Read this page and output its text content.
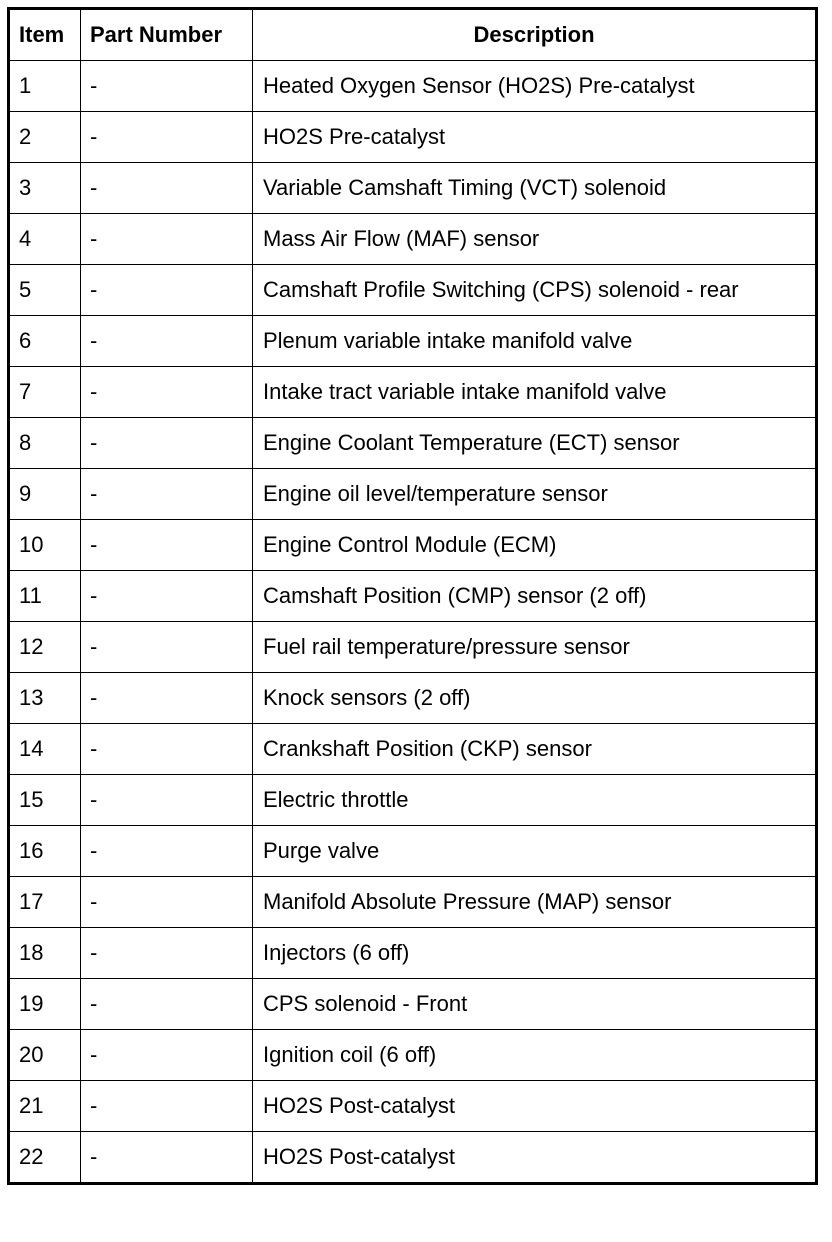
Item	Part Number	Description
1	-	Heated Oxygen Sensor (HO2S) Pre-catalyst
2	-	HO2S Pre-catalyst
3	-	Variable Camshaft Timing (VCT) solenoid
4	-	Mass Air Flow (MAF) sensor
5	-	Camshaft Profile Switching (CPS) solenoid - rear
6	-	Plenum variable intake manifold valve
7	-	Intake tract variable intake manifold valve
8	-	Engine Coolant Temperature (ECT) sensor
9	-	Engine oil level/temperature sensor
10	-	Engine Control Module (ECM)
11	-	Camshaft Position (CMP) sensor (2 off)
12	-	Fuel rail temperature/pressure sensor
13	-	Knock sensors (2 off)
14	-	Crankshaft Position (CKP) sensor
15	-	Electric throttle
16	-	Purge valve
17	-	Manifold Absolute Pressure (MAP) sensor
18	-	Injectors (6 off)
19	-	CPS solenoid - Front
20	-	Ignition coil (6 off)
21	-	HO2S Post-catalyst
22	-	HO2S Post-catalyst
